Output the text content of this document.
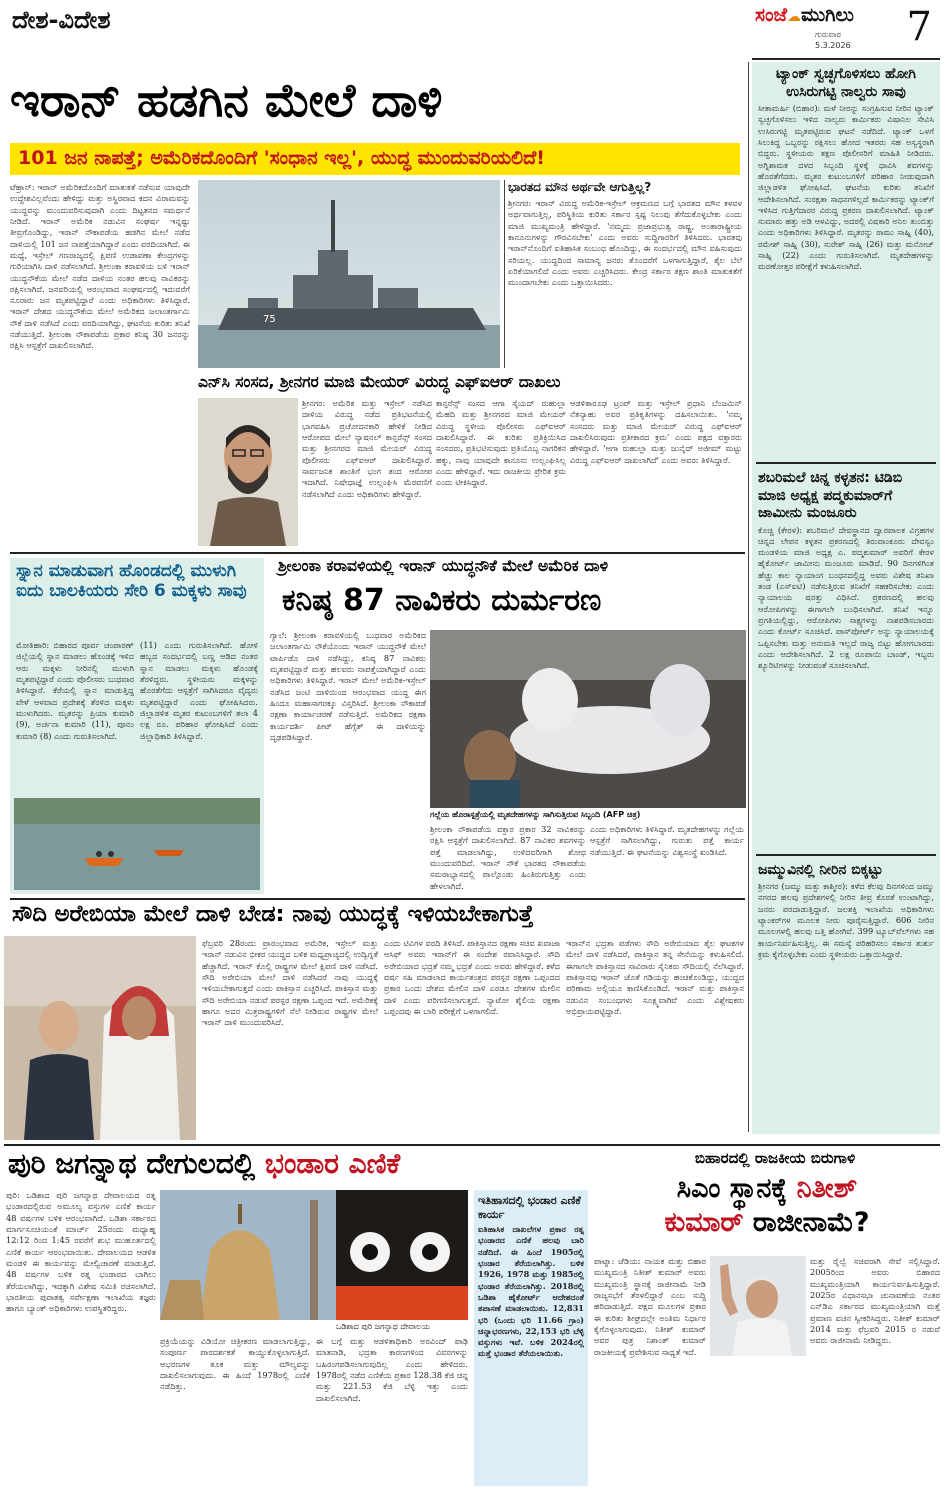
ದೇಶ-ವಿದೇಶ	ಸಂಜೆ☁ಮುಗಿಲು
ಗುರುವಾರ
5.3.2026 7
ಇರಾನ್ ಹಡಗಿನ ಮೇಲೆ ದಾಳಿ
101 ಜನ ನಾಪತ್ತೆ; ಅಮೆರಿಕದೊಂದಿಗೆ 'ಸಂಧಾನ ಇಲ್ಲ', ಯುದ್ಧ ಮುಂದುವರಿಯಲಿದೆ!

ಟೆಹ್ರಾನ್: ಇರಾನ್ ಅಮೆರಿಕದೊಂದಿಗೆ ಮಾತುಕತೆ ನಡೆಸುವ ಯಾವುದೇ ಉದ್ದೇಶವಿಲ್ಲವೆಂದು ಹೇಳಿದ್ದು ಮತ್ತು ಅಸ್ಥಿರವಾದ ಕದನ ವಿರಾಮವನ್ನು ಯುದ್ಧವನ್ನು ಮುಂದುವರಿಸುವುದಾಗಿ ಎಂದು ದಿಟ್ಟತನದ ಸಮರ್ಥನೆ ನೀಡಿದೆ. ಇರಾನ್ ಅಮೆರಿಕ ನಡುವಿನ ಸಂಘರ್ಷ ಇನ್ನಷ್ಟು ತೀವ್ರಗೊಂಡಿದ್ದು, ಇರಾನ್ ನೌಕಾಪಡೆಯ ಹಡಗಿನ ಮೇಲೆ ನಡೆದ ದಾಳಿಯಲ್ಲಿ 101 ಜನ ನಾಪತ್ತೆಯಾಗಿದ್ದಾರೆ ಎಂದು ವರದಿಯಾಗಿದೆ. ಈ ಮಧ್ಯೆ, ಇಸ್ರೇಲ್ ಗಣರಾಜ್ಯದಲ್ಲಿ ಕ್ಷಿಪಣಿ ಉಡಾವಣಾ ಕೇಂದ್ರಗಳನ್ನು ಗುರಿಯಾಗಿಸಿ ದಾಳಿ ನಡೆಸಲಾಗಿದೆ. ಶ್ರೀಲಂಕಾ ಕರಾವಳಿಯ ಬಳಿ ಇರಾನ್ ಯುದ್ಧನೌಕೆಯ ಮೇಲೆ ನಡೆದ ದಾಳಿಯ ನಂತರ ಹಲವು ನಾವಿಕರನ್ನು ರಕ್ಷಿಸಲಾಗಿದೆ. ಜನವರಿಯಲ್ಲಿ ಆರಂಭವಾದ ಸಂಘರ್ಷದಲ್ಲಿ ಇದುವರೆಗೆ ನೂರಾರು ಜನ ಮೃತಪಟ್ಟಿದ್ದಾರೆ ಎಂದು ಅಧಿಕಾರಿಗಳು ತಿಳಿಸಿದ್ದಾರೆ. ಇರಾನ್ ದೇಶದ ಯುದ್ಧನೌಕೆಯ ಮೇಲೆ ಅಮೆರಿಕದ ಜಲಾಂತರ್ಗಾಮಿ ನೌಕೆ ದಾಳಿ ನಡೆಸಿದೆ ಎಂದು ವರದಿಯಾಗಿದ್ದು, ಘಟನೆಯ ಕುರಿತು ತನಿಖೆ ನಡೆಯುತ್ತಿದೆ. ಶ್ರೀಲಂಕಾ ನೌಕಾಪಡೆಯ ಪ್ರಕಾರ ಕನಿಷ್ಠ 30 ಜನರನ್ನು ರಕ್ಷಿಸಿ ಆಸ್ಪತ್ರೆಗೆ ದಾಖಲಿಸಲಾಗಿದೆ.

75
ಭಾರತದ ಮೌನ ಅರ್ಥವೇ ಆಗುತ್ತಿಲ್ಲ?

ಶ್ರೀನಗರ: ಇರಾನ್ ವಿರುದ್ಧ ಅಮೆರಿಕ-ಇಸ್ರೇಲ್ ಆಕ್ರಮಣದ ಬಗ್ಗೆ ಭಾರತದ ಮೌನ ಕಳವಳ ಅರ್ಥವಾಗುತ್ತಿಲ್ಲ, ಪರಿಸ್ಥಿತಿಯ ಕುರಿತು ಸರ್ಕಾರ ಸ್ಪಷ್ಟ ನಿಲುವು ತೆಗೆದುಕೊಳ್ಳಬೇಕು ಎಂದು ಮಾಜಿ ಮುಖ್ಯಮಂತ್ರಿ ಹೇಳಿದ್ದಾರೆ. 'ನಮ್ಮದು ಪ್ರಜಾಪ್ರಭುತ್ವ ರಾಷ್ಟ್ರ, ಅಂತಾರಾಷ್ಟ್ರೀಯ ಕಾನೂನುಗಳನ್ನು ಗೌರವಿಸಬೇಕು' ಎಂದು ಅವರು ಸುದ್ದಿಗಾರರಿಗೆ ತಿಳಿಸಿದರು. ಭಾರತವು ಇರಾನ್‌ನೊಂದಿಗೆ ಐತಿಹಾಸಿಕ ಸಂಬಂಧ ಹೊಂದಿದ್ದು, ಈ ಸಂದರ್ಭದಲ್ಲಿ ಮೌನ ವಹಿಸುವುದು ಸರಿಯಲ್ಲ. ಯುದ್ಧದಿಂದ ಸಾಮಾನ್ಯ ಜನರು ತೊಂದರೆಗೆ ಒಳಗಾಗುತ್ತಿದ್ದಾರೆ, ತೈಲ ಬೆಲೆ ಏರಿಕೆಯಾಗಲಿದೆ ಎಂದು ಅವರು ಎಚ್ಚರಿಸಿದರು. ಕೇಂದ್ರ ಸರ್ಕಾರ ತಕ್ಷಣ ಶಾಂತಿ ಮಾತುಕತೆಗೆ ಮುಂದಾಗಬೇಕು ಎಂದು ಒತ್ತಾಯಿಸಿದರು.

ಎನ್‌ಸಿ ಸಂಸದ, ಶ್ರೀನಗರ ಮಾಜಿ ಮೇಯರ್ ವಿರುದ್ಧ ಎಫ್‌ಐಆರ್ ದಾಖಲು

ಶ್ರೀನಗರ: ಅಮೆರಿಕ ಮತ್ತು ಇಸ್ರೇಲ್ ನಡೆಸಿದ ದಾಳಿಯ ವಿರುದ್ಧ ನಡೆದ ಪ್ರತಿಭಟನೆಯಲ್ಲಿ ಭಾಗವಹಿಸಿ ಪ್ರಚೋದನಕಾರಿ ಹೇಳಿಕೆ ನೀಡಿದ ಆರೋಪದ ಮೇಲೆ ನ್ಯಾಷನಲ್ ಕಾನ್ಫರೆನ್ಸ್ ಸಂಸದ ಮತ್ತು ಶ್ರೀನಗರದ ಮಾಜಿ ಮೇಯರ್ ವಿರುದ್ಧ ಪೊಲೀಸರು ಎಫ್‌ಐಆರ್ ದಾಖಲಿಸಿದ್ದಾರೆ. ಸಾರ್ವಜನಿಕ ಶಾಂತಿಗೆ ಭಂಗ ತಂದ ಆರೋಪ ಇದಾಗಿದೆ. ನಿಷೇಧಾಜ್ಞೆ ಉಲ್ಲಂಘಿಸಿ ಮೆರವಣಿಗೆ ನಡೆಸಲಾಗಿದೆ ಎಂದು ಅಧಿಕಾರಿಗಳು ಹೇಳಿದ್ದಾರೆ.

ಕಾನ್ಫರೆನ್ಸ್ ಸಂಸದ ಆಗಾ ಸೈಯದ್ ರುಹುಲ್ಲಾ ಮೆಹದಿ ಮತ್ತು ಶ್ರೀನಗರದ ಮಾಜಿ ಮೇಯರ್ ವಿರುದ್ಧ ಸ್ಥಳೀಯ ಪೊಲೀಸರು ಎಫ್‌ಐಆರ್ ದಾಖಲಿಸಿದ್ದಾರೆ. ಈ ಕುರಿತು ಪ್ರತಿಕ್ರಿಯಿಸಿದ ಸಂಸದರು, ಪ್ರತಿಭಟಿಸುವುದು ಪ್ರತಿಯೊಬ್ಬ ನಾಗರಿಕನ ಹಕ್ಕು, ನಾವು ಯಾವುದೇ ಕಾನೂನು ಉಲ್ಲಂಘಿಸಿಲ್ಲ ಎಂದು ಹೇಳಿದ್ದಾರೆ. ಇದು ರಾಜಕೀಯ ಪ್ರೇರಿತ ಕ್ರಮ ಎಂದು ಟೀಕಿಸಿದ್ದಾರೆ.

ಆಡಳಿತಾರೂಢ ಟ್ರಂಪ್ ಮತ್ತು ಇಸ್ರೇಲ್ ಪ್ರಧಾನಿ ಬೆಂಜಮಿನ್ ನೆತನ್ಯಾಹು ಅವರ ಪ್ರತಿಕೃತಿಗಳನ್ನು ದಹಿಸಲಾಯಿತು. 'ನಮ್ಮ ಸಂಸದರು ಮತ್ತು ಮಾಜಿ ಮೇಯರ್ ವಿರುದ್ಧ ಎಫ್‌ಐಆರ್ ದಾಖಲಿಸಿರುವುದು ಪ್ರತೀಕಾರದ ಕ್ರಮ' ಎಂದು ಪಕ್ಷದ ವಕ್ತಾರರು ಹೇಳಿದ್ದಾರೆ. 'ಆಗಾ ರುಹುಲ್ಲಾ ಮತ್ತು ಜುನೈದ್ ಅಜೀಮ್ ಮಟ್ಟು ವಿರುದ್ಧ ಎಫ್‌ಐಆರ್ ದಾಖಲಾಗಿದೆ' ಎಂದು ಅವರು ತಿಳಿಸಿದ್ದಾರೆ.

ಟ್ಯಾಂಕ್ ಸ್ವಚ್ಛಗೊಳಿಸಲು ಹೋಗಿ ಉಸಿರುಗಟ್ಟಿ ನಾಲ್ವರು ಸಾವು

ಸೀತಾಮರ್ಹಿ (ಬಿಹಾರ): ಮಳೆ ನೀರನ್ನು ಸಂಗ್ರಹಿಸುವ ನೀರಿನ ಟ್ಯಾಂಕ್ ಸ್ವಚ್ಛಗೊಳಿಸಲು ಇಳಿದ ನಾಲ್ವರು ಕಾರ್ಮಿಕರು ವಿಷಾನಿಲ ಸೇವಿಸಿ ಉಸಿರುಗಟ್ಟಿ ಮೃತಪಟ್ಟಿರುವ ಘಟನೆ ನಡೆದಿದೆ. ಟ್ಯಾಂಕ್ ಒಳಗೆ ಸಿಲುಕಿದ್ದ ಒಬ್ಬರನ್ನು ರಕ್ಷಿಸಲು ಹೋದ ಇತರರು ಸಹ ಅಸ್ವಸ್ಥರಾಗಿ ಬಿದ್ದರು. ಸ್ಥಳೀಯರು ತಕ್ಷಣ ಪೊಲೀಸರಿಗೆ ಮಾಹಿತಿ ನೀಡಿದರು. ಅಗ್ನಿಶಾಮಕ ದಳದ ಸಿಬ್ಬಂದಿ ಸ್ಥಳಕ್ಕೆ ಧಾವಿಸಿ ಶವಗಳನ್ನು ಹೊರತೆಗೆದರು. ಮೃತರ ಕುಟುಂಬಗಳಿಗೆ ಪರಿಹಾರ ನೀಡುವುದಾಗಿ ಜಿಲ್ಲಾಡಳಿತ ಘೋಷಿಸಿದೆ. ಘಟನೆಯ ಕುರಿತು ತನಿಖೆಗೆ ಆದೇಶಿಸಲಾಗಿದೆ. ಸುರಕ್ಷತಾ ಸಾಧನಗಳಿಲ್ಲದೆ ಕಾರ್ಮಿಕರನ್ನು ಟ್ಯಾಂಕ್‌ಗೆ ಇಳಿಸಿದ ಗುತ್ತಿಗೆದಾರರ ವಿರುದ್ಧ ಪ್ರಕರಣ ದಾಖಲಿಸಲಾಗಿದೆ. ಟ್ಯಾಂಕ್ ಸುಮಾರು ಹತ್ತು ಅಡಿ ಆಳವಿದ್ದು, ಅದರಲ್ಲಿ ವಿಷಕಾರಿ ಅನಿಲ ತುಂಬಿತ್ತು ಎಂದು ಅಧಿಕಾರಿಗಳು ತಿಳಿಸಿದ್ದಾರೆ. ಮೃತರನ್ನು ರಾಮು ಸಾಹ್ನಿ (40), ರಮೇಶ್ ಸಾಹ್ನಿ (30), ಸುರೇಶ್ ಸಾಹ್ನಿ (26) ಮತ್ತು ಮನೋಜ್ ಸಾಹ್ನಿ (22) ಎಂದು ಗುರುತಿಸಲಾಗಿದೆ. ಮೃತದೇಹಗಳನ್ನು ಮರಣೋತ್ತರ ಪರೀಕ್ಷೆಗೆ ಕಳುಹಿಸಲಾಗಿದೆ.

ಶಬರಿಮಲೆ ಚಿನ್ನ ಕಳ್ಳತನ: ಟಿಡಿಬಿ ಮಾಜಿ ಅಧ್ಯಕ್ಷ ಪದ್ಮಕುಮಾರ್‌ಗೆ ಜಾಮೀನು ಮಂಜೂರು

ಕೊಚ್ಚಿ (ಕೇರಳ): ಶಬರಿಮಲೆ ದೇವಸ್ಥಾನದ ದ್ವಾರಪಾಲಕ ವಿಗ್ರಹಗಳ ಚಿನ್ನದ ಲೇಪನ ಕಳ್ಳತನ ಪ್ರಕರಣದಲ್ಲಿ ತಿರುವಾಂಕೂರು ದೇವಸ್ವಂ ಮಂಡಳಿಯ ಮಾಜಿ ಅಧ್ಯಕ್ಷ ಎ. ಪದ್ಮಕುಮಾರ್ ಅವರಿಗೆ ಕೇರಳ ಹೈಕೋರ್ಟ್ ಜಾಮೀನು ಮಂಜೂರು ಮಾಡಿದೆ. 90 ದಿನಗಳಿಗಿಂತ ಹೆಚ್ಚು ಕಾಲ ನ್ಯಾಯಾಂಗ ಬಂಧನದಲ್ಲಿದ್ದ ಅವರು ವಿಶೇಷ ತನಿಖಾ ತಂಡ (ಎಸ್‌ಐಟಿ) ನಡೆಸುತ್ತಿರುವ ತನಿಖೆಗೆ ಸಹಕರಿಸಬೇಕು ಎಂದು ನ್ಯಾಯಾಲಯ ಷರತ್ತು ವಿಧಿಸಿದೆ. ಪ್ರಕರಣದಲ್ಲಿ ಹಲವು ಆರೋಪಿಗಳನ್ನು ಈಗಾಗಲೇ ಬಂಧಿಸಲಾಗಿದೆ. ತನಿಖೆ ಇನ್ನೂ ಪ್ರಗತಿಯಲ್ಲಿದ್ದು, ಆರೋಪಿಗಳು ಸಾಕ್ಷ್ಯಗಳನ್ನು ನಾಶಪಡಿಸಬಾರದು ಎಂದು ಕೋರ್ಟ್ ಸೂಚಿಸಿದೆ. ಪಾಸ್‌ಪೋರ್ಟ್ ಅನ್ನು ನ್ಯಾಯಾಲಯಕ್ಕೆ ಒಪ್ಪಿಸಬೇಕು ಮತ್ತು ಅನುಮತಿ ಇಲ್ಲದೆ ರಾಜ್ಯ ಬಿಟ್ಟು ಹೋಗಬಾರದು ಎಂದು ಆದೇಶಿಸಲಾಗಿದೆ. 2 ಲಕ್ಷ ರೂಪಾಯಿ ಬಾಂಡ್, ಇಬ್ಬರು ಶ್ಯೂರಿಟಿಗಳನ್ನು ನೀಡುವಂತೆ ಸೂಚಿಸಲಾಗಿದೆ.

ಜಮ್ಮುವಿನಲ್ಲಿ ನೀರಿನ ಬಿಕ್ಕಟ್ಟು

ಶ್ರೀನಗರ (ಜಮ್ಮು ಮತ್ತು ಕಾಶ್ಮೀರ): ಕಳೆದ ಕೆಲವು ದಿನಗಳಿಂದ ಜಮ್ಮು ನಗರದ ಹಲವು ಪ್ರದೇಶಗಳಲ್ಲಿ ನೀರಿನ ತೀವ್ರ ಕೊರತೆ ಉಂಟಾಗಿದ್ದು, ಜನರು ಪರದಾಡುತ್ತಿದ್ದಾರೆ. ಜಲಶಕ್ತಿ ಇಲಾಖೆಯ ಅಧಿಕಾರಿಗಳು ಟ್ಯಾಂಕರ್‌ಗಳ ಮೂಲಕ ನೀರು ಪೂರೈಸುತ್ತಿದ್ದಾರೆ. 606 ನೀರಿನ ಮೂಲಗಳಲ್ಲಿ ಹಲವು ಬತ್ತಿ ಹೋಗಿವೆ. 399 ಟ್ಯೂಬ್‌ವೆಲ್‌ಗಳು ಸಹ ಕಾರ್ಯನಿರ್ವಹಿಸುತ್ತಿಲ್ಲ. ಈ ಸಮಸ್ಯೆ ಪರಿಹರಿಸಲು ಸರ್ಕಾರ ತುರ್ತು ಕ್ರಮ ಕೈಗೊಳ್ಳಬೇಕು ಎಂದು ಸ್ಥಳೀಯರು ಒತ್ತಾಯಿಸಿದ್ದಾರೆ.

ಸ್ನಾನ ಮಾಡುವಾಗ ಹೊಂಡದಲ್ಲಿ ಮುಳುಗಿ ಐದು ಬಾಲಕಿಯರು ಸೇರಿ 6 ಮಕ್ಕಳು ಸಾವು

ಮೋತಿಹಾರಿ: ಬಿಹಾರದ ಪೂರ್ವ ಚಂಪಾರಣ್ ಜಿಲ್ಲೆಯಲ್ಲಿ ಸ್ನಾನ ಮಾಡಲು ಹೊಂಡಕ್ಕೆ ಇಳಿದ ಆರು ಮಕ್ಕಳು ನೀರಿನಲ್ಲಿ ಮುಳುಗಿ ಮೃತಪಟ್ಟಿದ್ದಾರೆ ಎಂದು ಪೊಲೀಸರು ಬುಧವಾರ ತಿಳಿಸಿದ್ದಾರೆ. ಕೆರೆಯಲ್ಲಿ ಸ್ನಾನ ಮಾಡುತ್ತಿದ್ದ ವೇಳೆ ಆಳವಾದ ಪ್ರದೇಶಕ್ಕೆ ತೆರಳಿದ ಮಕ್ಕಳು ಮುಳುಗಿದರು. ಮೃತರನ್ನು ಪ್ರಿಯಾ ಕುಮಾರಿ (9), ಅರ್ಚನಾ ಕುಮಾರಿ (11), ಪೂನಂ ಕುಮಾರಿ (8) ಎಂದು ಗುರುತಿಸಲಾಗಿದೆ.

(11) ಎಂದು ಗುರುತಿಸಲಾಗಿದೆ. ಹೋಳಿ ಹಬ್ಬದ ಸಂದರ್ಭದಲ್ಲಿ ಬಣ್ಣ ಆಡಿದ ನಂತರ ಸ್ನಾನ ಮಾಡಲು ಮಕ್ಕಳು ಹೊಂಡಕ್ಕೆ ತೆರಳಿದ್ದರು. ಸ್ಥಳೀಯರು ಮಕ್ಕಳನ್ನು ಹೊರತೆಗೆದು ಆಸ್ಪತ್ರೆಗೆ ಸಾಗಿಸಿದರೂ ವೈದ್ಯರು ಮೃತಪಟ್ಟಿದ್ದಾರೆ ಎಂದು ಘೋಷಿಸಿದರು. ಜಿಲ್ಲಾಡಳಿತ ಮೃತರ ಕುಟುಂಬಗಳಿಗೆ ತಲಾ 4 ಲಕ್ಷ ರೂ. ಪರಿಹಾರ ಘೋಷಿಸಿದೆ ಎಂದು ಜಿಲ್ಲಾಧಿಕಾರಿ ತಿಳಿಸಿದ್ದಾರೆ.

ಶ್ರೀಲಂಕಾ ಕರಾವಳಿಯಲ್ಲಿ ಇರಾನ್ ಯುದ್ಧನೌಕೆ ಮೇಲೆ ಅಮೆರಿಕ ದಾಳಿ
ಕನಿಷ್ಠ 87 ನಾವಿಕರು ದುರ್ಮರಣ

ಗ್ಯಾಲೆ: ಶ್ರೀಲಂಕಾ ಕರಾವಳಿಯಲ್ಲಿ ಬುಧವಾರ ಅಮೆರಿಕದ ಜಲಾಂತರ್ಗಾಮಿ ನೌಕೆಯೊಂದು ಇರಾನ್ ಯುದ್ಧನೌಕೆ ಮೇಲೆ ಟಾರ್ಪಿಡೊ ದಾಳಿ ನಡೆಸಿದ್ದು, ಕನಿಷ್ಠ 87 ನಾವಿಕರು ಮೃತಪಟ್ಟಿದ್ದಾರೆ ಮತ್ತು ಹಲವರು ನಾಪತ್ತೆಯಾಗಿದ್ದಾರೆ ಎಂದು ಅಧಿಕಾರಿಗಳು ತಿಳಿಸಿದ್ದಾರೆ. ಇರಾನ್ ಮೇಲೆ ಅಮೆರಿಕ-ಇಸ್ರೇಲ್ ನಡೆಸಿದ ಜಂಟಿ ದಾಳಿಯಿಂದ ಆರಂಭವಾದ ಯುದ್ಧ ಈಗ ಹಿಂದೂ ಮಹಾಸಾಗರಕ್ಕೂ ವಿಸ್ತರಿಸಿದೆ. ಶ್ರೀಲಂಕಾ ನೌಕಾಪಡೆ ರಕ್ಷಣಾ ಕಾರ್ಯಾಚರಣೆ ನಡೆಸುತ್ತಿದೆ. ಅಮೆರಿಕದ ರಕ್ಷಣಾ ಕಾರ್ಯದರ್ಶಿ ಪೀಟ್ ಹೆಗ್ಸೆತ್ ಈ ದಾಳಿಯನ್ನು ದೃಢಪಡಿಸಿದ್ದಾರೆ.

ಗಲ್ಲೆಯ ಹೊರಾಸ್ಪತ್ರೆಯಲ್ಲಿ ಮೃತದೇಹಗಳನ್ನು ಸಾಗಿಸುತ್ತಿರುವ ಸಿಬ್ಬಂದಿ (AFP ಚಿತ್ರ)

ಶ್ರೀಲಂಕಾ ನೌಕಾಪಡೆಯ ವಕ್ತಾರ ಪ್ರಕಾರ 32 ನಾವಿಕರನ್ನು ರಕ್ಷಿಸಿ ಆಸ್ಪತ್ರೆಗೆ ದಾಖಲಿಸಲಾಗಿದೆ. 87 ನಾವಿಕರ ಶವಗಳನ್ನು ಪತ್ತೆ ಮಾಡಲಾಗಿದ್ದು, ಉಳಿದವರಿಗಾಗಿ ಶೋಧ ಮುಂದುವರಿದಿದೆ. ಇರಾನ್ ನೌಕೆ ಭಾರತದ ನೌಕಾಪಡೆಯ ಸಮರಾಭ್ಯಾಸದಲ್ಲಿ ಪಾಲ್ಗೊಂಡು ಹಿಂತಿರುಗುತ್ತಿತ್ತು ಎಂದು ಹೇಳಲಾಗಿದೆ.

ಎಂದು ಅಧಿಕಾರಿಗಳು ತಿಳಿಸಿದ್ದಾರೆ. ಮೃತದೇಹಗಳನ್ನು ಗಲ್ಲೆಯ ಆಸ್ಪತ್ರೆಗೆ ಸಾಗಿಸಲಾಗಿದ್ದು, ಗುರುತು ಪತ್ತೆ ಕಾರ್ಯ ನಡೆಯುತ್ತಿದೆ. ಈ ಘಟನೆಯನ್ನು ವಿಶ್ವಸಂಸ್ಥೆ ಖಂಡಿಸಿದೆ.

ಸೌದಿ ಅರೇಬಿಯಾ ಮೇಲೆ ದಾಳಿ ಬೇಡ: ನಾವು ಯುದ್ಧಕ್ಕೆ ಇಳಿಯಬೇಕಾಗುತ್ತೆ

ಫೆಬ್ರವರಿ 28ರಂದು ಪ್ರಾರಂಭವಾದ ಅಮೆರಿಕ, ಇಸ್ರೇಲ್ ಮತ್ತು ಇರಾನ್ ನಡುವಿನ ಭೀಕರ ಯುದ್ಧದ ಬಳಿಕ ಮಧ್ಯಪ್ರಾಚ್ಯದಲ್ಲಿ ಉದ್ವಿಗ್ನತೆ ಹೆಚ್ಚಾಗಿದೆ. ಇರಾನ್ ಕೊಲ್ಲಿ ರಾಷ್ಟ್ರಗಳ ಮೇಲೆ ಕ್ಷಿಪಣಿ ದಾಳಿ ನಡೆಸಿದೆ. ಸೌದಿ ಅರೇಬಿಯಾ ಮೇಲೆ ದಾಳಿ ನಡೆಸಿದರೆ ನಾವು ಯುದ್ಧಕ್ಕೆ ಇಳಿಯಬೇಕಾಗುತ್ತದೆ ಎಂದು ಪಾಕಿಸ್ತಾನ ಎಚ್ಚರಿಸಿದೆ. ಪಾಕಿಸ್ತಾನ ಮತ್ತು ಸೌದಿ ಅರೇಬಿಯಾ ನಡುವೆ ಪರಸ್ಪರ ರಕ್ಷಣಾ ಒಪ್ಪಂದ ಇದೆ. ಅಮೆರಿಕಕ್ಕೆ ಹಾಗೂ ಅದರ ಮಿತ್ರರಾಷ್ಟ್ರಗಳಿಗೆ ನೆಲೆ ನೀಡಿರುವ ರಾಷ್ಟ್ರಗಳ ಮೇಲೆ ಇರಾನ್ ದಾಳಿ ಮುಂದುವರಿಸಿದೆ.

ಎಂದು ಟಿವಿಗಳ ವರದಿ ತಿಳಿಸಿದೆ. ಪಾಕಿಸ್ತಾನದ ರಕ್ಷಣಾ ಸಚಿವ ಖವಾಜಾ ಆಸಿಫ್ ಅವರು ಇರಾನ್‌ಗೆ ಈ ಸಂದೇಶ ರವಾನಿಸಿದ್ದಾರೆ. ಸೌದಿ ಅರೇಬಿಯಾದ ಭದ್ರತೆ ನಮ್ಮ ಭದ್ರತೆ ಎಂದು ಅವರು ಹೇಳಿದ್ದಾರೆ. ಕಳೆದ ವರ್ಷ ಸಹಿ ಮಾಡಲಾದ ಕಾರ್ಯತಂತ್ರದ ಪರಸ್ಪರ ರಕ್ಷಣಾ ಒಪ್ಪಂದದ ಪ್ರಕಾರ ಒಂದು ದೇಶದ ಮೇಲಿನ ದಾಳಿ ಎರಡೂ ದೇಶಗಳ ಮೇಲಿನ ದಾಳಿ ಎಂದು ಪರಿಗಣಿಸಲಾಗುತ್ತದೆ. ನ್ಯಾಟೋ ಶೈಲಿಯ ರಕ್ಷಣಾ ಒಪ್ಪಂದವು ಈ ಬಾರಿ ಪರೀಕ್ಷೆಗೆ ಒಳಗಾಗಲಿದೆ.

ಇರಾನ್‌ನ ಭದ್ರತಾ ಪಡೆಗಳು ಸೌದಿ ಅರೇಬಿಯಾದ ತೈಲ ಘಟಕಗಳ ಮೇಲೆ ದಾಳಿ ನಡೆಸಿದರೆ, ಪಾಕಿಸ್ತಾನ ತನ್ನ ಸೇನೆಯನ್ನು ಕಳುಹಿಸಲಿದೆ. ಈಗಾಗಲೇ ಪಾಕಿಸ್ತಾನದ ಸಾವಿರಾರು ಸೈನಿಕರು ಸೌದಿಯಲ್ಲಿ ನೆಲೆಸಿದ್ದಾರೆ. ಪಾಕಿಸ್ತಾನವು ಇರಾನ್ ಜೊತೆ ಗಡಿಯನ್ನು ಹಂಚಿಕೊಂಡಿದ್ದು, ಯುದ್ಧದ ಪರಿಣಾಮ ಅಲ್ಲಿಯೂ ಕಾಣಿಸಿಕೊಂಡಿದೆ. ಇರಾನ್ ಮತ್ತು ಪಾಕಿಸ್ತಾನ ನಡುವಿನ ಸಂಬಂಧಗಳು ಸೂಕ್ಷ್ಮವಾಗಿವೆ ಎಂದು ವಿಶ್ಲೇಷಕರು ಅಭಿಪ್ರಾಯಪಟ್ಟಿದ್ದಾರೆ.

ಪುರಿ ಜಗನ್ನಾಥ ದೇಗುಲದಲ್ಲಿ ಭಂಡಾರ ಎಣಿಕೆ

ಪುರಿ: ಒಡಿಶಾದ ಪುರಿ ಜಗನ್ನಾಥ ದೇವಾಲಯದ ರತ್ನ ಭಂಡಾರದಲ್ಲಿರುವ ಅಮೂಲ್ಯ ವಸ್ತುಗಳ ಎಣಿಕೆ ಕಾರ್ಯ 48 ವರ್ಷಗಳ ಬಳಿಕ ಆರಂಭವಾಗಿದೆ. ಒಡಿಶಾ ಸರ್ಕಾರದ ಮಾರ್ಗಸೂಚಿಯಂತೆ ಮಾರ್ಚ್ 25ರಂದು ಮಧ್ಯಾಹ್ನ 12:12 ರಿಂದ 1:45 ರವರೆಗೆ ಶುಭ ಮುಹೂರ್ತದಲ್ಲಿ ಎಣಿಕೆ ಕಾರ್ಯ ಆರಂಭವಾಯಿತು. ದೇವಾಲಯದ ಆಡಳಿತ ಮಂಡಳಿ ಈ ಕಾರ್ಯವನ್ನು ಮೇಲ್ವಿಚಾರಣೆ ಮಾಡುತ್ತಿದೆ. 48 ವರ್ಷಗಳ ಬಳಿಕ ರತ್ನ ಭಂಡಾರದ ಬಾಗಿಲು ತೆರೆಯಲಾಗಿದ್ದು, ಇದಕ್ಕಾಗಿ ವಿಶೇಷ ಸಮಿತಿ ರಚಿಸಲಾಗಿದೆ. ಭಾರತೀಯ ಪುರಾತತ್ವ ಸರ್ವೇಕ್ಷಣಾ ಇಲಾಖೆಯ ತಜ್ಞರು ಹಾಗೂ ಬ್ಯಾಂಕ್ ಅಧಿಕಾರಿಗಳು ಉಪಸ್ಥಿತರಿದ್ದರು.

ಒಡಿಶಾದ ಪುರಿ ಜಗನ್ನಾಥ ದೇವಾಲಯ

ಪ್ರಕ್ರಿಯೆಯನ್ನು ವಿಡಿಯೋ ಚಿತ್ರೀಕರಣ ಮಾಡಲಾಗುತ್ತಿದ್ದು, ಸಂಪೂರ್ಣ ಪಾರದರ್ಶಕತೆ ಕಾಯ್ದುಕೊಳ್ಳಲಾಗುತ್ತಿದೆ. ಆಭರಣಗಳ ತೂಕ ಮತ್ತು ಮೌಲ್ಯವನ್ನು ದಾಖಲಿಸಲಾಗುವುದು. ಈ ಹಿಂದೆ 1978ರಲ್ಲಿ ಎಣಿಕೆ ನಡೆದಿತ್ತು.

ಈ ಬಗ್ಗೆ ಮತ್ತು ಆಡಳಿತಾಧಿಕಾರಿ ಅರವಿಂದ್ ಪಾಢಿ ಮಾತನಾಡಿ, ಭದ್ರತಾ ಕಾರಣಗಳಿಂದ ವಿವರಗಳನ್ನು ಬಹಿರಂಗಪಡಿಸಲಾಗುವುದಿಲ್ಲ ಎಂದು ಹೇಳಿದರು. 1978ರಲ್ಲಿ ನಡೆದ ಎಣಿಕೆಯ ಪ್ರಕಾರ 128.38 ಕೆಜಿ ಚಿನ್ನ ಮತ್ತು 221.53 ಕೆಜಿ ಬೆಳ್ಳಿ ಇತ್ತು ಎಂದು ದಾಖಲಿಸಲಾಗಿದೆ.

ಇತಿಹಾಸದಲ್ಲಿ ಭಂಡಾರ ಎಣಿಕೆ ಕಾರ್ಯ

ಐತಿಹಾಸಿಕ ದಾಖಲೆಗಳ ಪ್ರಕಾರ ರತ್ನ ಭಂಡಾರದ ಎಣಿಕೆ ಹಲವು ಬಾರಿ ನಡೆದಿದೆ. ಈ ಹಿಂದೆ 1905ರಲ್ಲಿ ಭಂಡಾರ ತೆರೆಯಲಾಗಿತ್ತು. ಬಳಿಕ 1926, 1978 ಮತ್ತು 1985ರಲ್ಲಿ ಭಂಡಾರ ತೆರೆಯಲಾಗಿತ್ತು. 2018ರಲ್ಲಿ ಒಡಿಶಾ ಹೈಕೋರ್ಟ್ ಆದೇಶದಂತೆ ತಪಾಸಣೆ ಮಾಡಲಾಯಿತು. 12,831 ಭರಿ (ಒಂದು ಭರಿ 11.66 ಗ್ರಾಂ) ಚಿನ್ನಾಭರಣಗಳು, 22,153 ಭರಿ ಬೆಳ್ಳಿ ವಸ್ತುಗಳು ಇವೆ. ಬಳಿಕ 2024ರಲ್ಲಿ ಮತ್ತೆ ಭಂಡಾರ ತೆರೆಯಲಾಯಿತು.

ಬಿಹಾರದಲ್ಲಿ ರಾಜಕೀಯ ಬಿರುಗಾಳಿ
ಸಿಎಂ ಸ್ಥಾನಕ್ಕೆ ನಿತೀಶ್
ಕುಮಾರ್ ರಾಜೀನಾಮೆ?

ಪಾಟ್ನಾ: ಜೆಡಿಯು ನಾಯಕ ಮತ್ತು ಬಿಹಾರ ಮುಖ್ಯಮಂತ್ರಿ ನಿತೀಶ್ ಕುಮಾರ್ ಅವರು ಮುಖ್ಯಮಂತ್ರಿ ಸ್ಥಾನಕ್ಕೆ ರಾಜೀನಾಮೆ ನೀಡಿ ರಾಜ್ಯಸಭೆಗೆ ತೆರಳಲಿದ್ದಾರೆ ಎಂಬ ಸುದ್ದಿ ಹರಿದಾಡುತ್ತಿದೆ. ಪಕ್ಷದ ಮೂಲಗಳ ಪ್ರಕಾರ ಈ ಕುರಿತು ಶೀಘ್ರದಲ್ಲೇ ಅಂತಿಮ ನಿರ್ಧಾರ ಕೈಗೊಳ್ಳಲಾಗುವುದು. ನಿತೀಶ್ ಕುಮಾರ್ ಅವರ ಪುತ್ರ ನಿಶಾಂತ್ ಕುಮಾರ್ ರಾಜಕೀಯಕ್ಕೆ ಪ್ರವೇಶಿಸುವ ಸಾಧ್ಯತೆ ಇದೆ.

ಮತ್ತು ರೈಲ್ವೆ ಸಚಿವರಾಗಿ ಸೇವೆ ಸಲ್ಲಿಸಿದ್ದಾರೆ. 2005ರಿಂದ ಅವರು ಬಿಹಾರದ ಮುಖ್ಯಮಂತ್ರಿಯಾಗಿ ಕಾರ್ಯನಿರ್ವಹಿಸುತ್ತಿದ್ದಾರೆ. 2025ರ ವಿಧಾನಸಭಾ ಚುನಾವಣೆಯ ನಂತರ ಎನ್‌ಡಿಎ ಸರ್ಕಾರದ ಮುಖ್ಯಮಂತ್ರಿಯಾಗಿ ಮತ್ತೆ ಪ್ರಮಾಣ ವಚನ ಸ್ವೀಕರಿಸಿದ್ದರು. ನಿತೀಶ್ ಕುಮಾರ್ 2014 ಮತ್ತು ಫೆಬ್ರವರಿ 2015 ರ ನಡುವೆ ಅವರು ರಾಜೀನಾಮೆ ನೀಡಿದ್ದರು.
